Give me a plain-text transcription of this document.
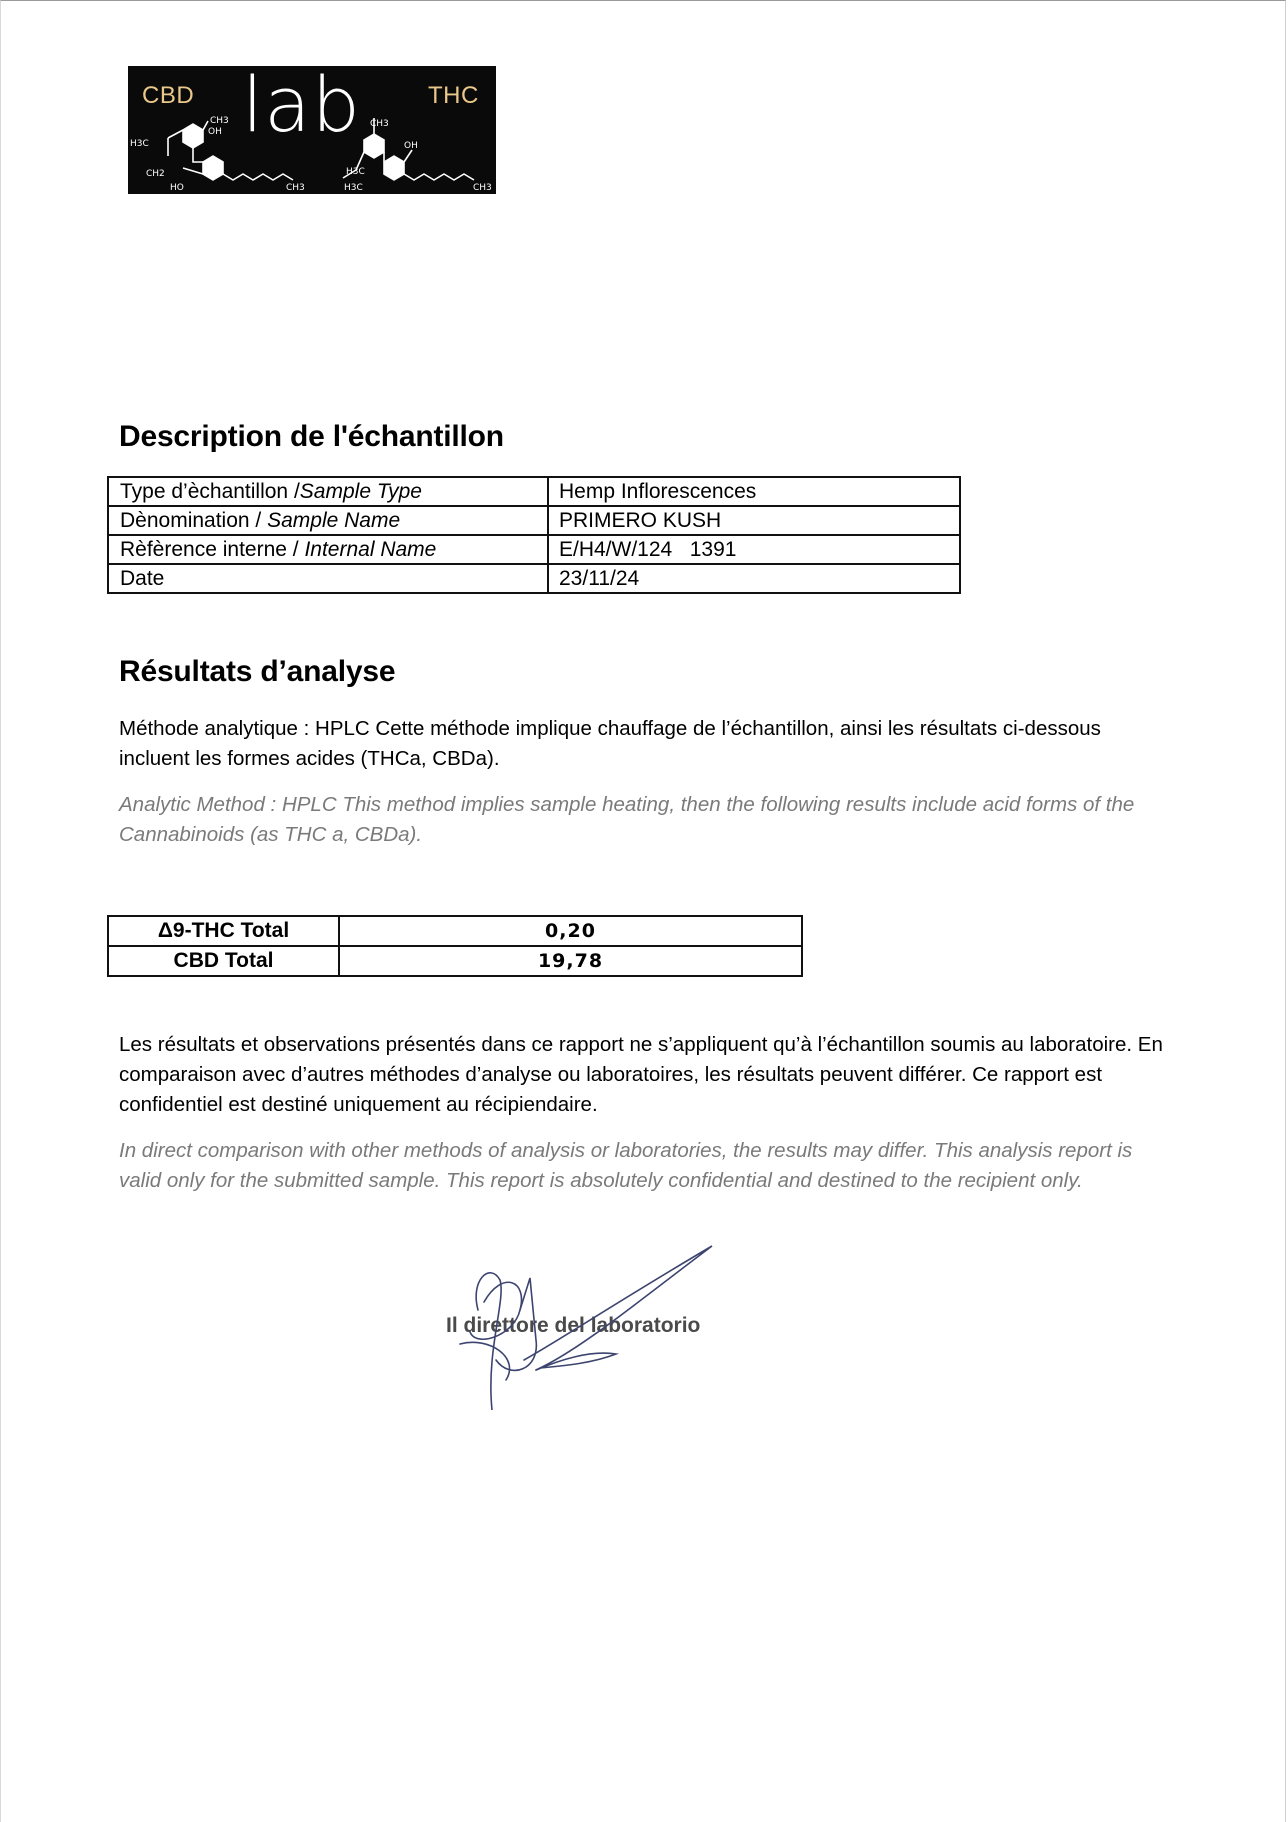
CH3
OH
H3C
CH2
HO	CH3
CH3
OH
H3C
H3C	CH3
CBD lab	THC
Description de l'échantillon
Type d’èchantillon /Sample Type	Hemp Inflorescences
Dènomination / Sample Name	PRIMERO KUSH
Rèfèrence interne / Internal Name	E/H4/W/124   1391
Date	23/11/24
Résultats d’analyse
Méthode analytique : HPLC Cette méthode implique chauffage de l’échantillon, ainsi les résultats ci-dessous incluent les formes acides (THCa, CBDa).
Analytic Method : HPLC This method implies sample heating, then the following results include acid forms of the Cannabinoids (as THC a, CBDa).
Δ9-THC Total	0,20
CBD Total	19,78
Les résultats et observations présentés dans ce rapport ne s’appliquent qu’à l’échantillon soumis au laboratoire. En comparaison avec d’autres méthodes d’analyse ou laboratoires, les résultats peuvent différer. Ce rapport est confidentiel est destiné uniquement au récipiendaire.
In direct comparison with other methods of analysis or laboratories, the results may differ. This analysis report is valid only for the submitted sample. This report is absolutely confidential and destined to the recipient only.
Il direttore del laboratorio
